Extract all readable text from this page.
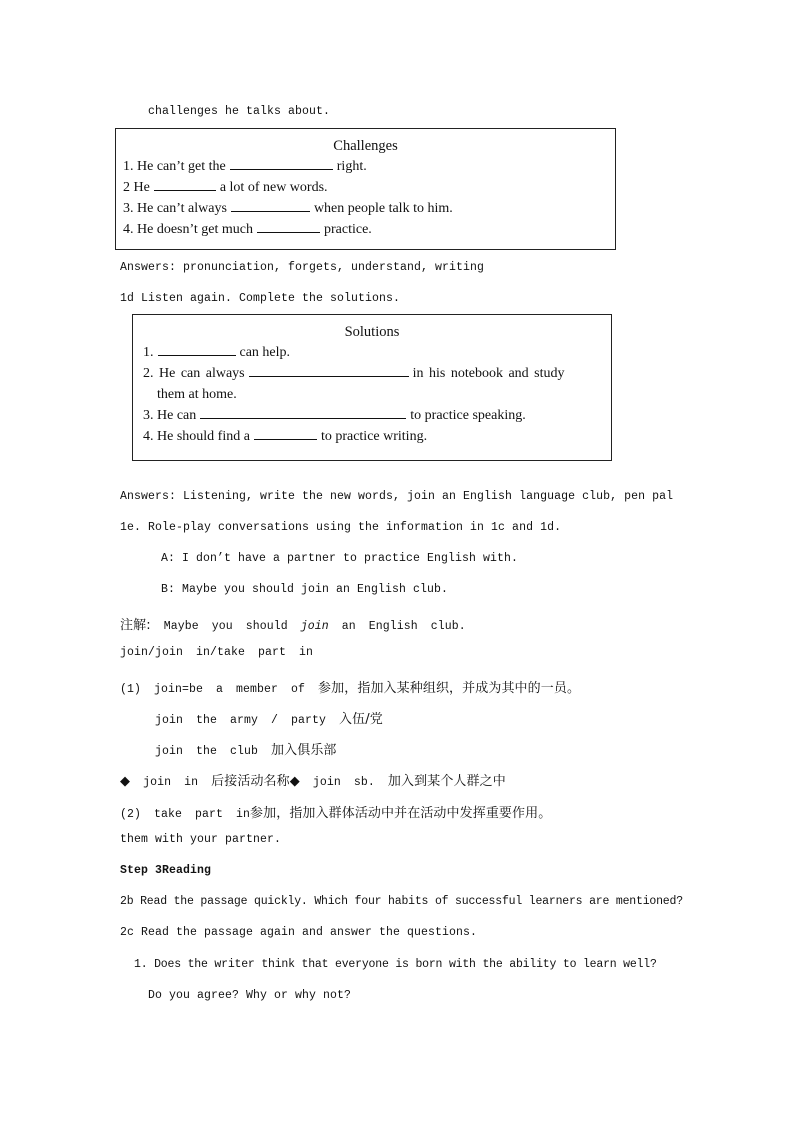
challenges he talks about.
Challenges
1. He can’t get the	right.
2 He	a lot of new words.
3. He can’t always	when people talk to him.
4. He doesn’t get much	practice.
Answers: pronunciation, forgets, understand, writing
1d Listen again. Complete the solutions.
Solutions
1.	can help.
2. He can always	in his notebook and study
them at home.
3. He can	to practice speaking.
4. He should find a	to practice writing.
Answers: Listening, write the new words, join an English language club, pen pal
1e. Role-play conversations using the information in 1c and 1d.
A: I don’t have a partner to practice English with.
B: Maybe you should join an English club.
注解: Maybe you should join an English club.
join/join in/take part in
(1) join=be a member of 参加，指加入某种组织，并成为其中的一员。
join the army / party 入伍/党
join the club 加入俱乐部
◆ join in 后接活动名称◆ join sb. 加入到某个人群之中
(2) take part in参加，指加入群体活动中并在活动中发挥重要作用。
them with your partner.
Step 3Reading
2b Read the passage quickly. Which four habits of successful learners are mentioned?
2c Read the passage again and answer the questions.
1. Does the writer think that everyone is born with the ability to learn well?
Do you agree? Why or why not?
